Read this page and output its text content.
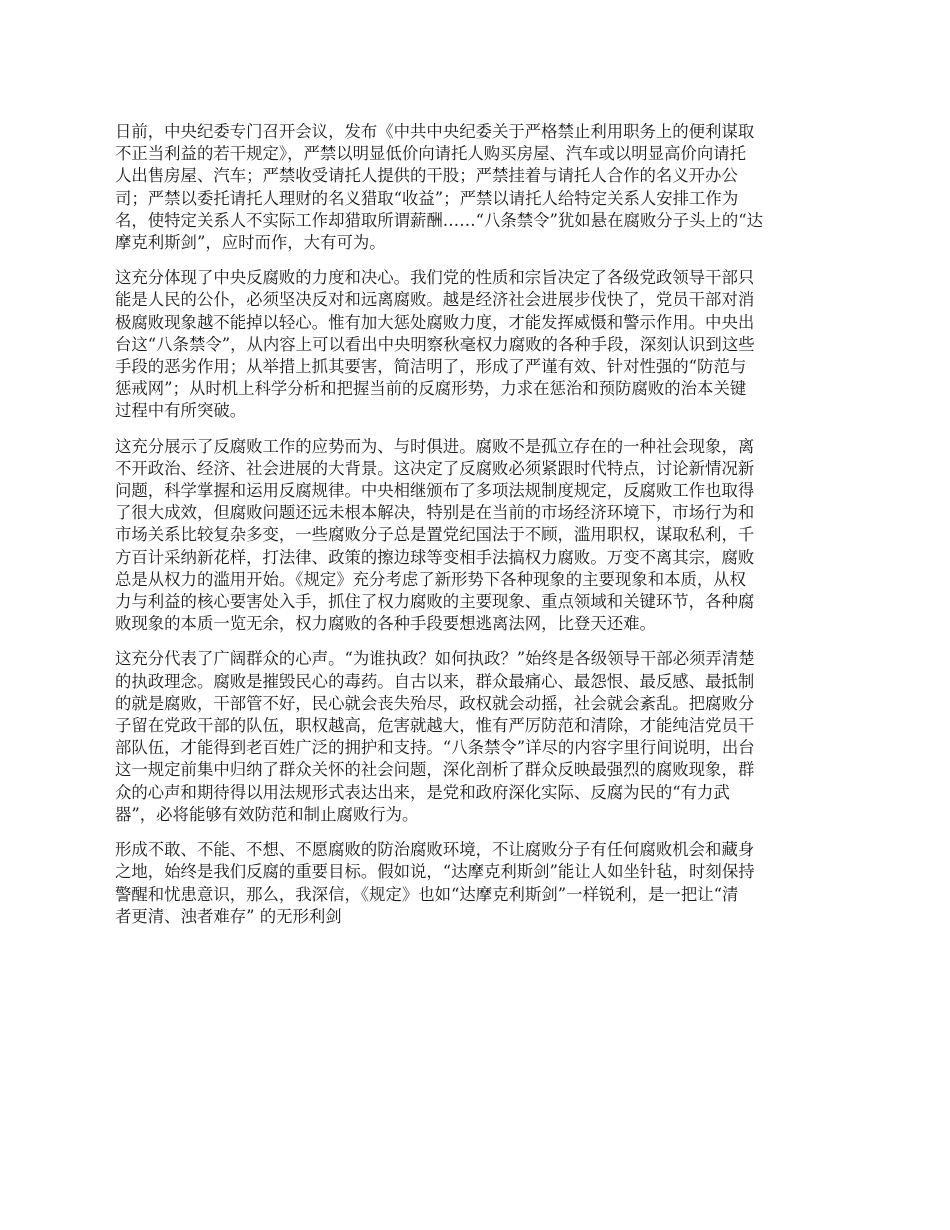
日前，中央纪委专门召开会议，发布《中共中央纪委关于严格禁止利用职务上的便利谋取
不正当利益的若干规定》，严禁以明显低价向请托人购买房屋、汽车或以明显高价向请托
人出售房屋、汽车；严禁收受请托人提供的干股；严禁挂着与请托人合作的名义开办公
司；严禁以委托请托人理财的名义猎取“收益”；严禁以请托人给特定关系人安排工作为
名，使特定关系人不实际工作却猎取所谓薪酬……“八条禁令”犹如悬在腐败分子头上的“达
摩克利斯剑”，应时而作，大有可为。

这充分体现了中央反腐败的力度和决心。我们党的性质和宗旨决定了各级党政领导干部只
能是人民的公仆，必须坚决反对和远离腐败。越是经济社会进展步伐快了，党员干部对消
极腐败现象越不能掉以轻心。惟有加大惩处腐败力度，才能发挥威慑和警示作用。中央出
台这“八条禁令”，从内容上可以看出中央明察秋毫权力腐败的各种手段，深刻认识到这些
手段的恶劣作用；从举措上抓其要害，简洁明了，形成了严谨有效、针对性强的“防范与
惩戒网”；从时机上科学分析和把握当前的反腐形势，力求在惩治和预防腐败的治本关键
过程中有所突破。

这充分展示了反腐败工作的应势而为、与时俱进。腐败不是孤立存在的一种社会现象，离
不开政治、经济、社会进展的大背景。这决定了反腐败必须紧跟时代特点，讨论新情况新
问题，科学掌握和运用反腐规律。中央相继颁布了多项法规制度规定，反腐败工作也取得
了很大成效，但腐败问题还远未根本解决，特别是在当前的市场经济环境下，市场行为和
市场关系比较复杂多变，一些腐败分子总是置党纪国法于不顾，滥用职权，谋取私利，千
方百计采纳新花样，打法律、政策的擦边球等变相手法搞权力腐败。万变不离其宗，腐败
总是从权力的滥用开始。《规定》充分考虑了新形势下各种现象的主要现象和本质，从权
力与利益的核心要害处入手，抓住了权力腐败的主要现象、重点领域和关键环节，各种腐
败现象的本质一览无余，权力腐败的各种手段要想逃离法网，比登天还难。

这充分代表了广阔群众的心声。“为谁执政？如何执政？”始终是各级领导干部必须弄清楚
的执政理念。腐败是摧毁民心的毒药。自古以来，群众最痛心、最怨恨、最反感、最抵制
的就是腐败，干部管不好，民心就会丧失殆尽，政权就会动摇，社会就会紊乱。把腐败分
子留在党政干部的队伍，职权越高，危害就越大，惟有严厉防范和清除，才能纯洁党员干
部队伍，才能得到老百姓广泛的拥护和支持。“八条禁令”详尽的内容字里行间说明，出台
这一规定前集中归纳了群众关怀的社会问题，深化剖析了群众反映最强烈的腐败现象，群
众的心声和期待得以用法规形式表达出来，是党和政府深化实际、反腐为民的“有力武
器”，必将能够有效防范和制止腐败行为。

形成不敢、不能、不想、不愿腐败的防治腐败环境，不让腐败分子有任何腐败机会和藏身
之地，始终是我们反腐的重要目标。假如说，“达摩克利斯剑”能让人如坐针毡，时刻保持
警醒和忧患意识，那么，我深信，《规定》也如“达摩克利斯剑”一样锐利，是一把让“清
者更清、浊者难存” 的无形利剑
